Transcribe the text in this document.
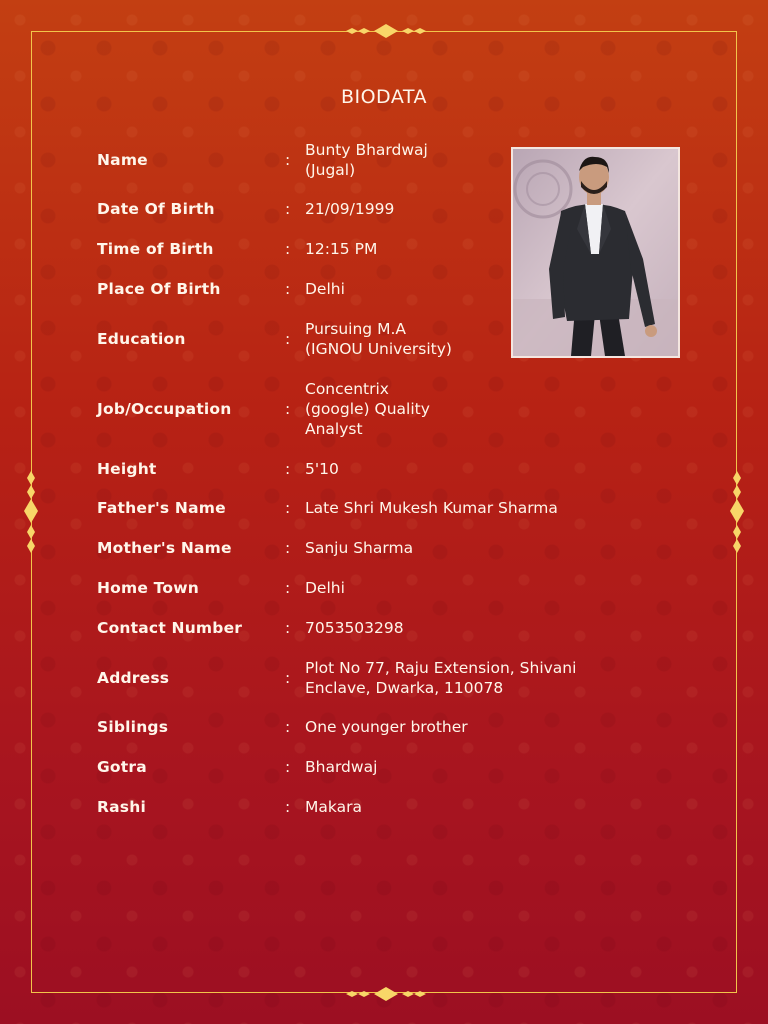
BIODATA
Name	:
Bunty Bhardwaj
(Jugal)
Date Of Birth	: 21/09/1999
Time of Birth	: 12:15 PM
Place Of Birth	: Delhi
Education	:
Pursuing M.A
(IGNOU University)
Job/Occupation	:
Concentrix
(google) Quality
Analyst
Height	: 5'10
Father's Name	: Late Shri Mukesh Kumar Sharma
Mother's Name	: Sanju Sharma
Home Town	: Delhi
Contact Number	: 7053503298
Address	:
Plot No 77, Raju Extension, Shivani
Enclave, Dwarka, 110078
Siblings	: One younger brother
Gotra	: Bhardwaj
Rashi	: Makara
